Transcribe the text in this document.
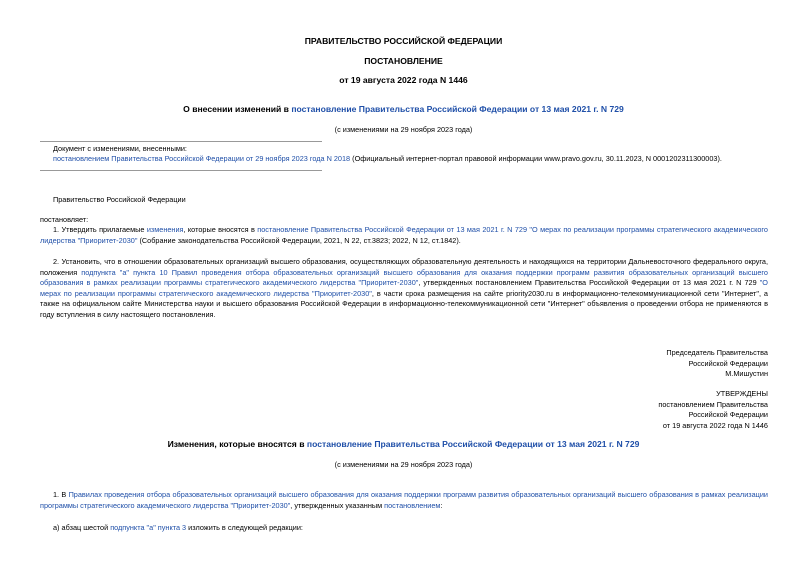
ПРАВИТЕЛЬСТВО РОССИЙСКОЙ ФЕДЕРАЦИИ
ПОСТАНОВЛЕНИЕ
от 19 августа 2022 года N 1446
О внесении изменений в постановление Правительства Российской Федерации от 13 мая 2021 г. N 729
(с изменениями на 29 ноября 2023 года)
Документ с изменениями, внесенными:
постановлением Правительства Российской Федерации от 29 ноября 2023 года N 2018 (Официальный интернет-портал правовой информации www.pravo.gov.ru, 30.11.2023, N 0001202311300003).
Правительство Российской Федерации
постановляет:
1. Утвердить прилагаемые изменения, которые вносятся в постановление Правительства Российской Федерации от 13 мая 2021 г. N 729 "О мерах по реализации программы стратегического академического лидерства "Приоритет-2030" (Собрание законодательства Российской Федерации, 2021, N 22, ст.3823; 2022, N 12, ст.1842).
2. Установить, что в отношении образовательных организаций высшего образования, осуществляющих образовательную деятельность и находящихся на территории Дальневосточного федерального округа, положения подпункта "а" пункта 10 Правил проведения отбора образовательных организаций высшего образования для оказания поддержки программ развития образовательных организаций высшего образования в рамках реализации программы стратегического академического лидерства "Приоритет-2030", утвержденных постановлением Правительства Российской Федерации от 13 мая 2021 г. N 729 "О мерах по реализации программы стратегического академического лидерства "Приоритет-2030", в части срока размещения на сайте priority2030.ru в информационно-телекоммуникационной сети "Интернет", а также на официальном сайте Министерства науки и высшего образования Российской Федерации в информационно-телекоммуникационной сети "Интернет" объявления о проведении отбора не применяются в году вступления в силу настоящего постановления.
Председатель Правительства
Российской Федерации
М.Мишустин
УТВЕРЖДЕНЫ
постановлением Правительства
Российской Федерации
от 19 августа 2022 года N 1446
Изменения, которые вносятся в постановление Правительства Российской Федерации от 13 мая 2021 г. N 729
(с изменениями на 29 ноября 2023 года)
1. В Правилах проведения отбора образовательных организаций высшего образования для оказания поддержки программ развития образовательных организаций высшего образования в рамках реализации программы стратегического академического лидерства "Приоритет-2030", утвержденных указанным постановлением:
а) абзац шестой подпункта "а" пункта 3 изложить в следующей редакции:
